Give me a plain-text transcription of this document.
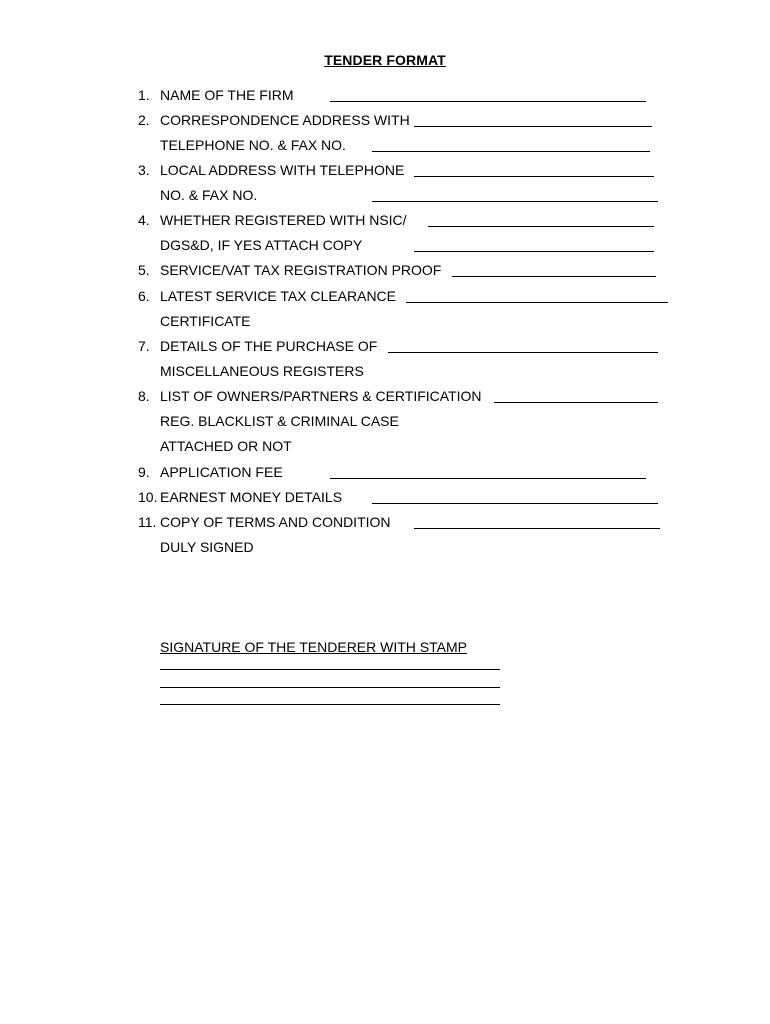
TENDER FORMAT
1. NAME OF THE FIRM
2. CORRESPONDENCE ADDRESS WITH
TELEPHONE NO. & FAX NO.
3. LOCAL ADDRESS WITH TELEPHONE
NO. & FAX NO.
4. WHETHER REGISTERED WITH NSIC/
DGS&D, IF YES ATTACH COPY
5. SERVICE/VAT TAX REGISTRATION PROOF
6. LATEST SERVICE TAX CLEARANCE
CERTIFICATE
7. DETAILS OF THE PURCHASE OF
MISCELLANEOUS REGISTERS
8. LIST OF OWNERS/PARTNERS & CERTIFICATION
REG. BLACKLIST & CRIMINAL CASE
ATTACHED OR NOT
9. APPLICATION FEE
10. EARNEST MONEY DETAILS
11. COPY OF TERMS AND CONDITION
DULY SIGNED
SIGNATURE OF THE TENDERER WITH STAMP
